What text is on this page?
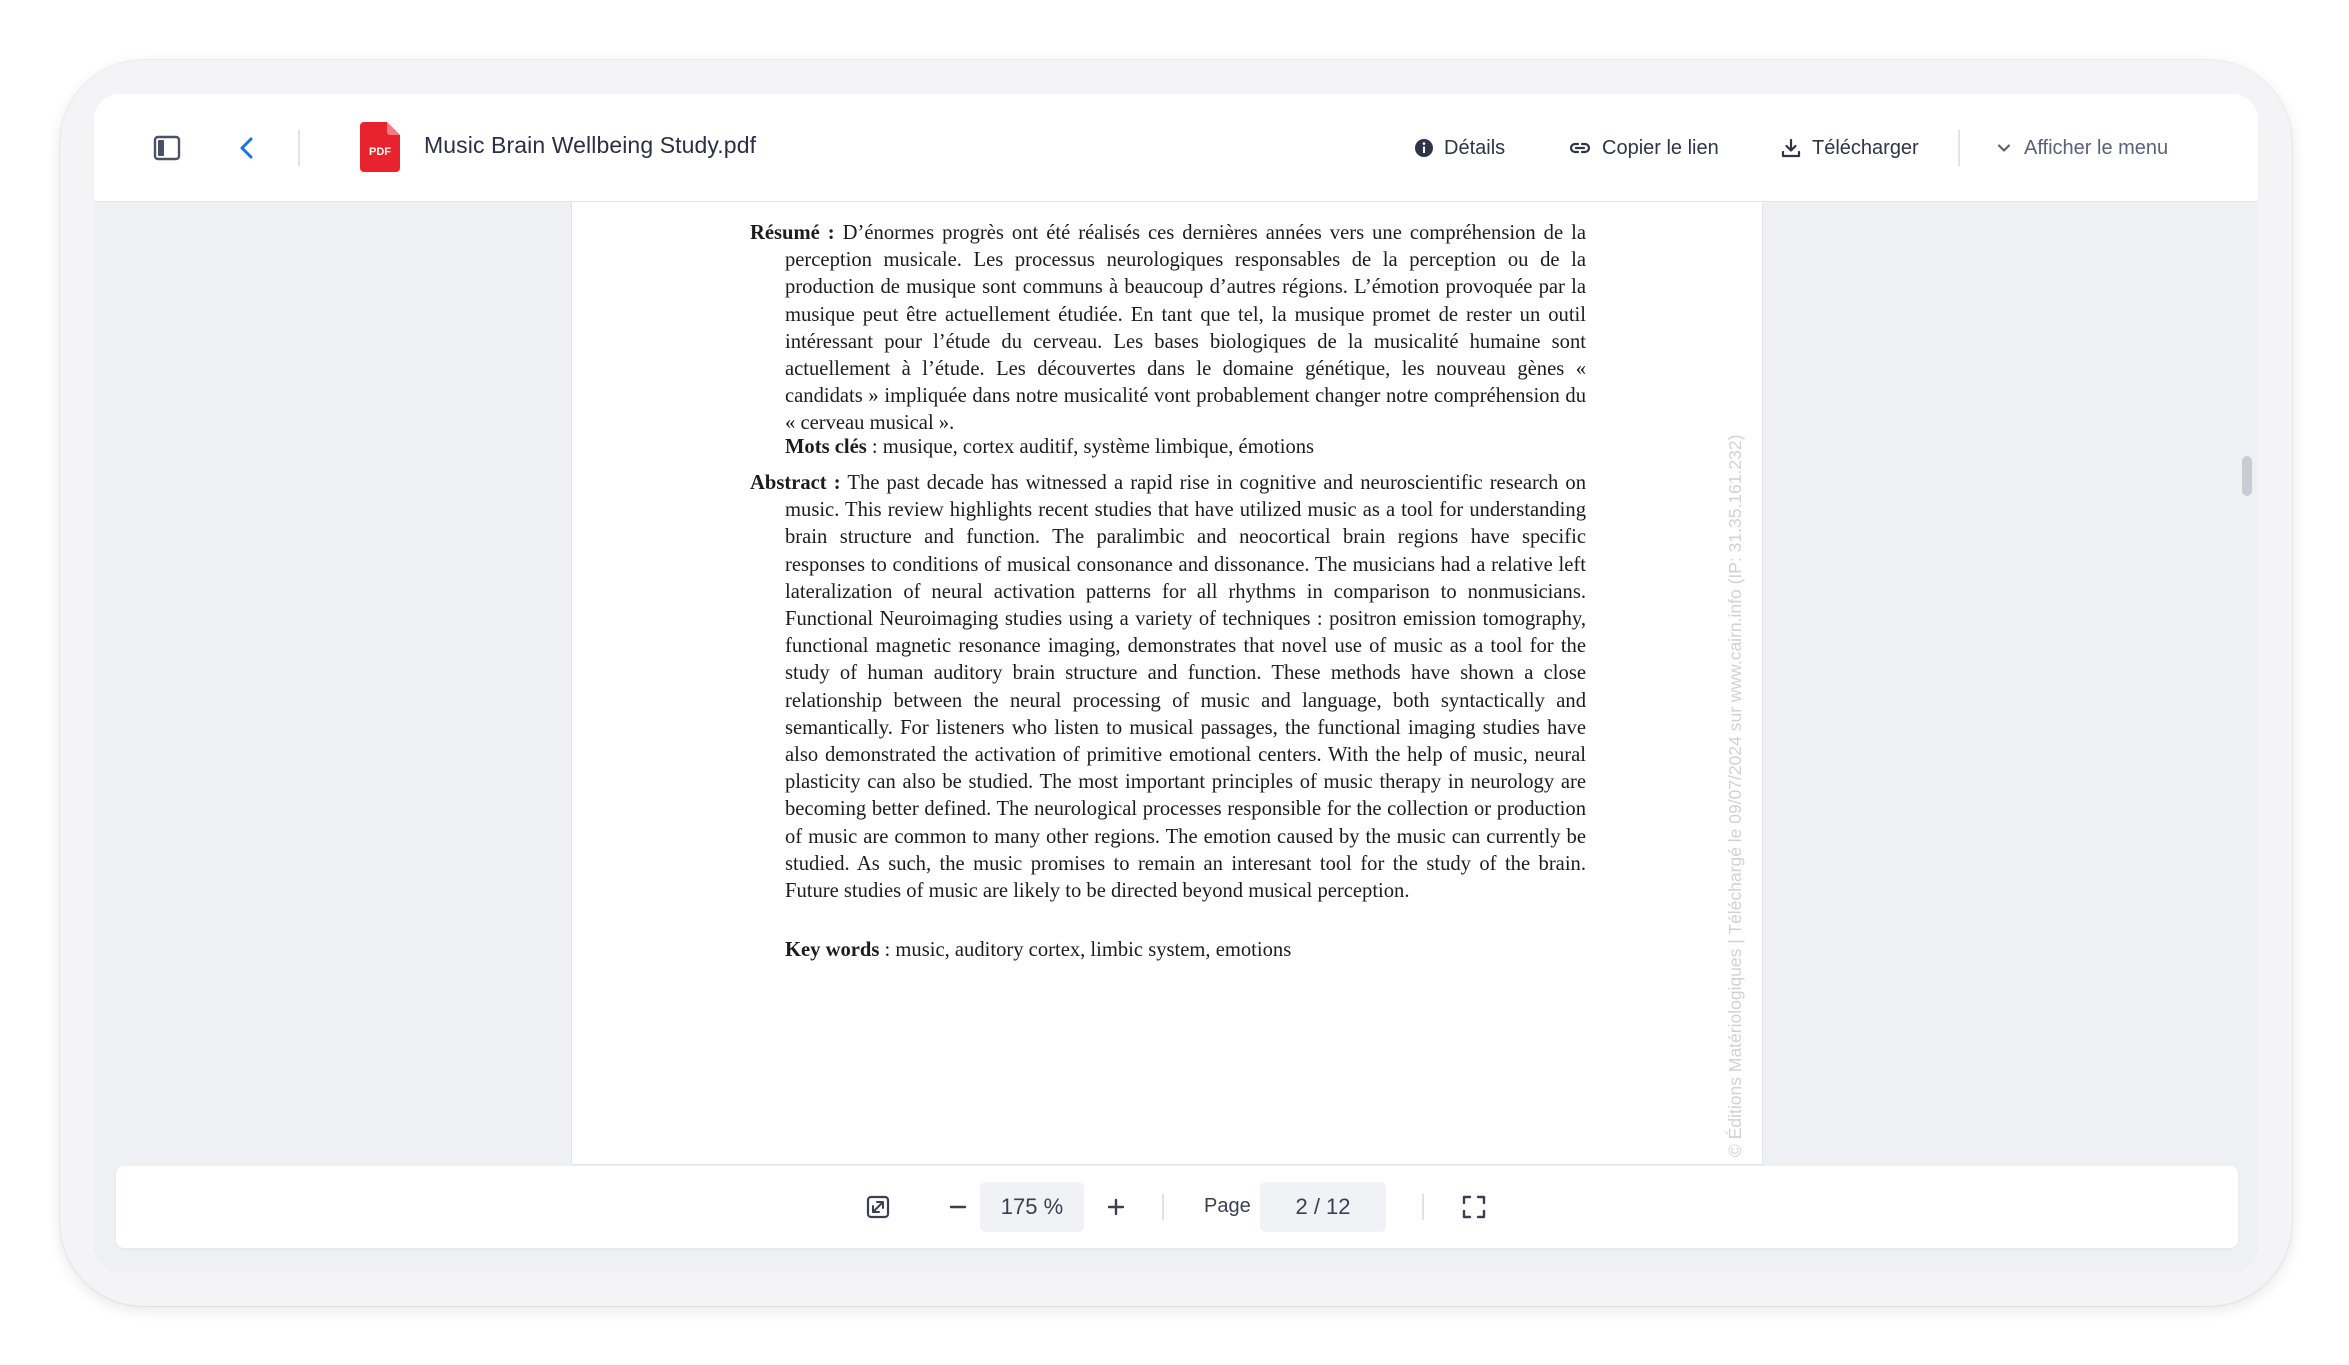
PDF	Music Brain Wellbeing Study.pdf	Détails	Copier le lien	Télécharger	Afficher le menu

Résumé : D’énormes progrès ont été réalisés ces dernières années vers une compréhension de la perception musicale. Les processus neurologiques responsables de la perception ou de la production de musique sont communs à beaucoup d’autres régions. L’émotion provoquée par la musique peut être actuellement étudiée. En tant que tel, la musique promet de rester un outil intéressant pour l’étude du cerveau. Les bases biologiques de la musicalité humaine sont actuellement à l’étude. Les découvertes dans le domaine génétique, les nouveau gènes « candidats » impliquée dans notre musicalité vont probablement changer notre compréhension du « cerveau musical ».

Mots clés : musique, cortex auditif, système limbique, émotions

Abstract : The past decade has witnessed a rapid rise in cognitive and neuroscientific research on music. This review highlights recent studies that have utilized music as a tool for understanding brain structure and function. The paralimbic and neocortical brain regions have specific responses to conditions of musical consonance and dissonance. The musicians had a relative left lateralization of neural activation patterns for all rhythms in comparison to nonmusicians. Functional Neuroimaging studies using a variety of techniques : positron emission tomography, functional magnetic resonance imaging, demonstrates that novel use of music as a tool for the study of human auditory brain structure and function. These methods have shown a close relationship between the neural processing of music and language, both syntactically and semantically. For listeners who listen to musical passages, the functional imaging studies have also demonstrated the activation of primitive emotional centers. With the help of music, neural plasticity can also be studied. The most important principles of music therapy in neurology are becoming better defined. The neurological processes responsible for the collection or production of music are common to many other regions. The emotion caused by the music can currently be studied. As such, the music promises to remain an interesant tool for the study of the brain. Future studies of music are likely to be directed beyond musical perception.

Key words : music, auditory cortex, limbic system, emotions	© Éditions Matériologiques | Téléchargé le 09/07/2024 sur www.cairn.info (IP: 31.35.161.232)
175 %	Page	2 / 12
